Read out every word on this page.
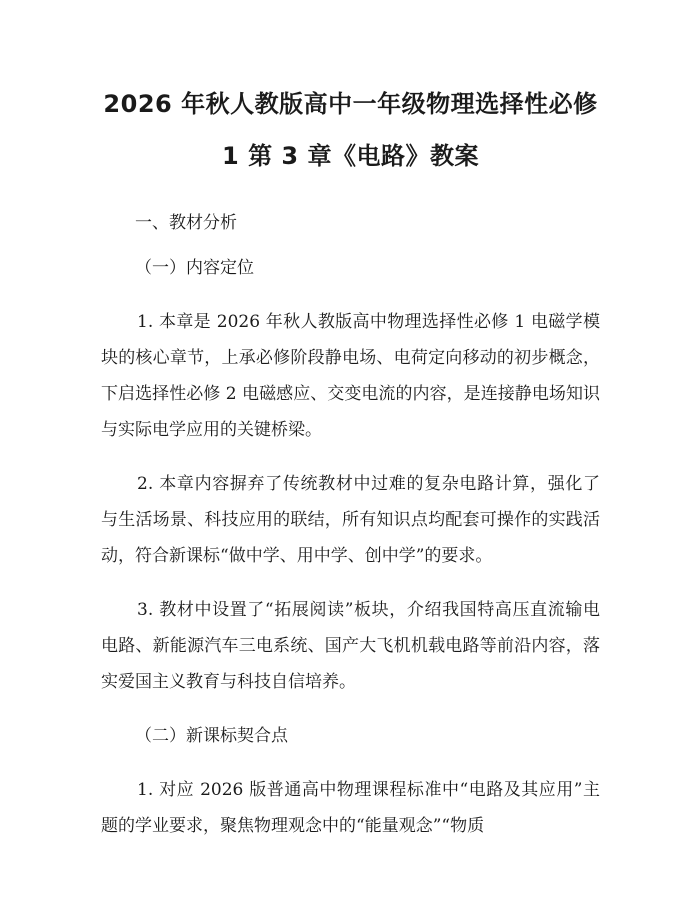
2026 年秋人教版高中一年级物理选择性必修
1 第 3 章《电路》教案

一、教材分析

（一）内容定位

1. 本章是 2026 年秋人教版高中物理选择性必修 1 电磁学模块的核心章节，上承必修阶段静电场、电荷定向移动的初步概念，下启选择性必修 2 电磁感应、交变电流的内容，是连接静电场知识与实际电学应用的关键桥梁。

2. 本章内容摒弃了传统教材中过难的复杂电路计算，强化了与生活场景、科技应用的联结，所有知识点均配套可操作的实践活动，符合新课标“做中学、用中学、创中学”的要求。

3. 教材中设置了“拓展阅读”板块，介绍我国特高压直流输电电路、新能源汽车三电系统、国产大飞机机载电路等前沿内容，落实爱国主义教育与科技自信培养。

（二）新课标契合点

1. 对应 2026 版普通高中物理课程标准中“电路及其应用”主题的学业要求，聚焦物理观念中的“能量观念”“物质
